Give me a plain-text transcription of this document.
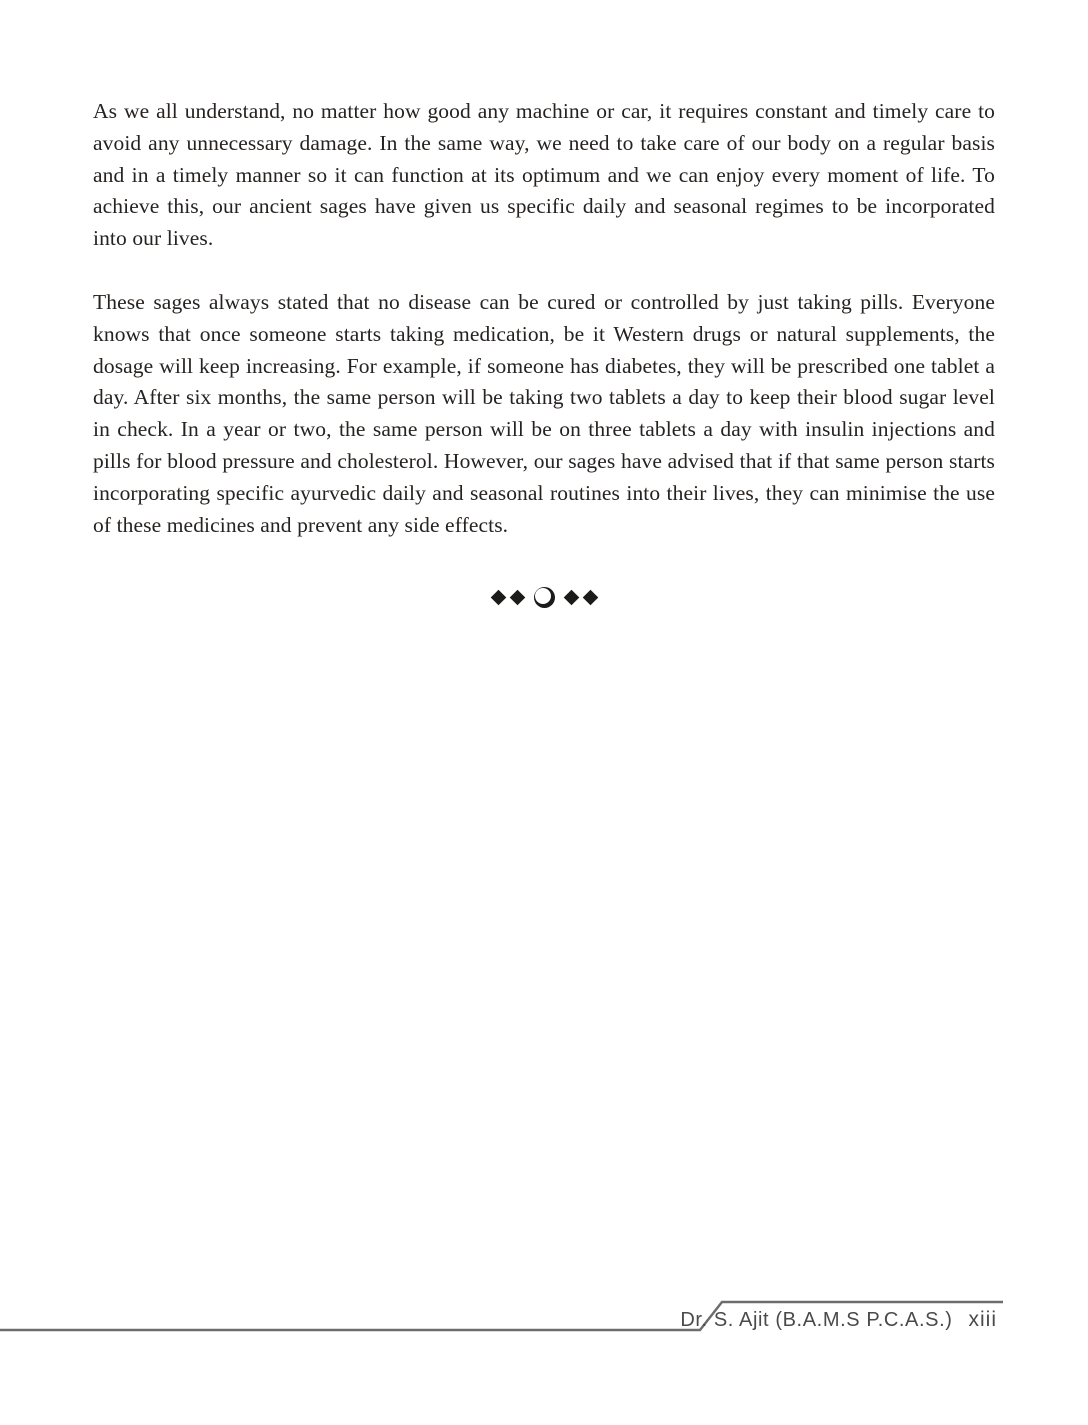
As we all understand, no matter how good any machine or car, it requires constant and timely care to avoid any unnecessary damage. In the same way, we need to take care of our body on a regular basis and in a timely manner so it can function at its optimum and we can enjoy every moment of life. To achieve this, our ancient sages have given us specific daily and seasonal regimes to be incorporated into our lives.

These sages always stated that no disease can be cured or controlled by just taking pills. Everyone knows that once someone starts taking medication, be it Western drugs or natural supplements, the dosage will keep increasing. For example, if someone has diabetes, they will be prescribed one tablet a day. After six months, the same person will be taking two tablets a day to keep their blood sugar level in check. In a year or two, the same person will be on three tablets a day with insulin injections and pills for blood pressure and cholesterol. However, our sages have advised that if that same person starts incorporating specific ayurvedic daily and seasonal routines into their lives, they can minimise the use of these medicines and prevent any side effects.

Dr. S. Ajit (B.A.M.S P.C.A.S.) xiii
